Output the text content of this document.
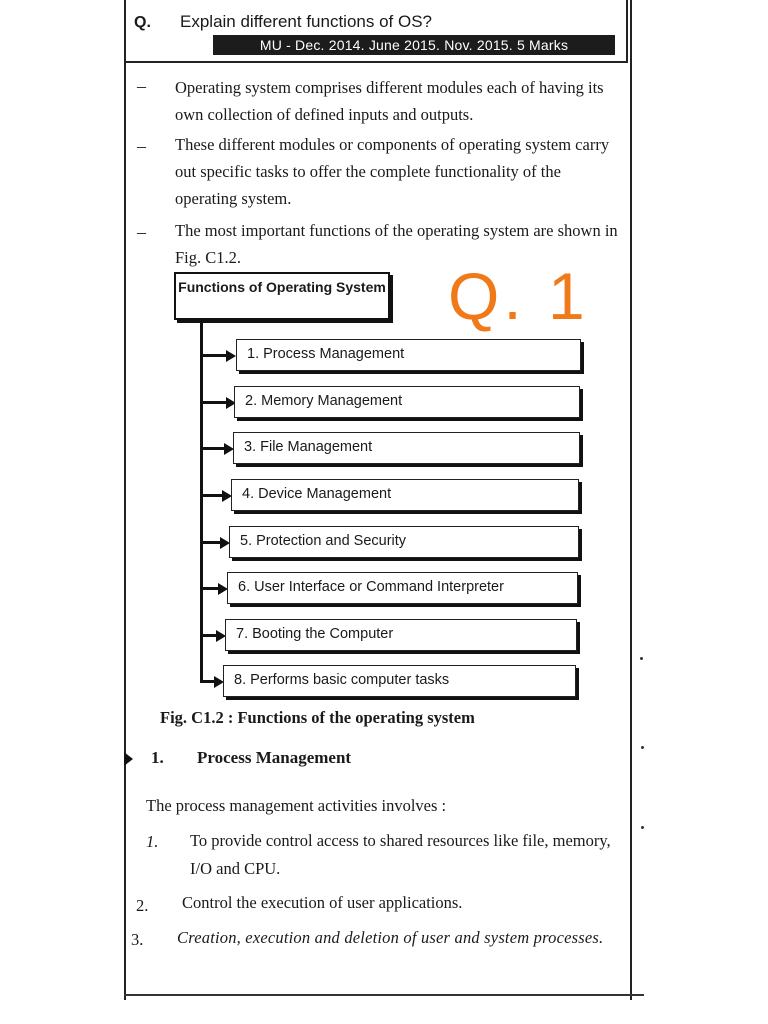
Q. Explain different functions of OS?
MU - Dec. 2014. June 2015. Nov. 2015. 5 Marks
– Operating system comprises different modules each of having its own collection of defined inputs and outputs.
– These different modules or components of operating system carry out specific tasks to offer the complete functionality of the operating system.
– The most important functions of the operating system are shown in Fig. C1.2.
Functions of Operating System Q. 1
1. Process Management
2. Memory Management
3. File Management
4. Device Management
5. Protection and Security
6. User Interface or Command Interpreter
7. Booting the Computer
8. Performs basic computer tasks
Fig. C1.2 : Functions of the operating system
1. Process Management
The process management activities involves :
1. To provide control access to shared resources like file, memory, I/O and CPU.
2. Control the execution of user applications.
3. Creation, execution and deletion of user and system processes.
